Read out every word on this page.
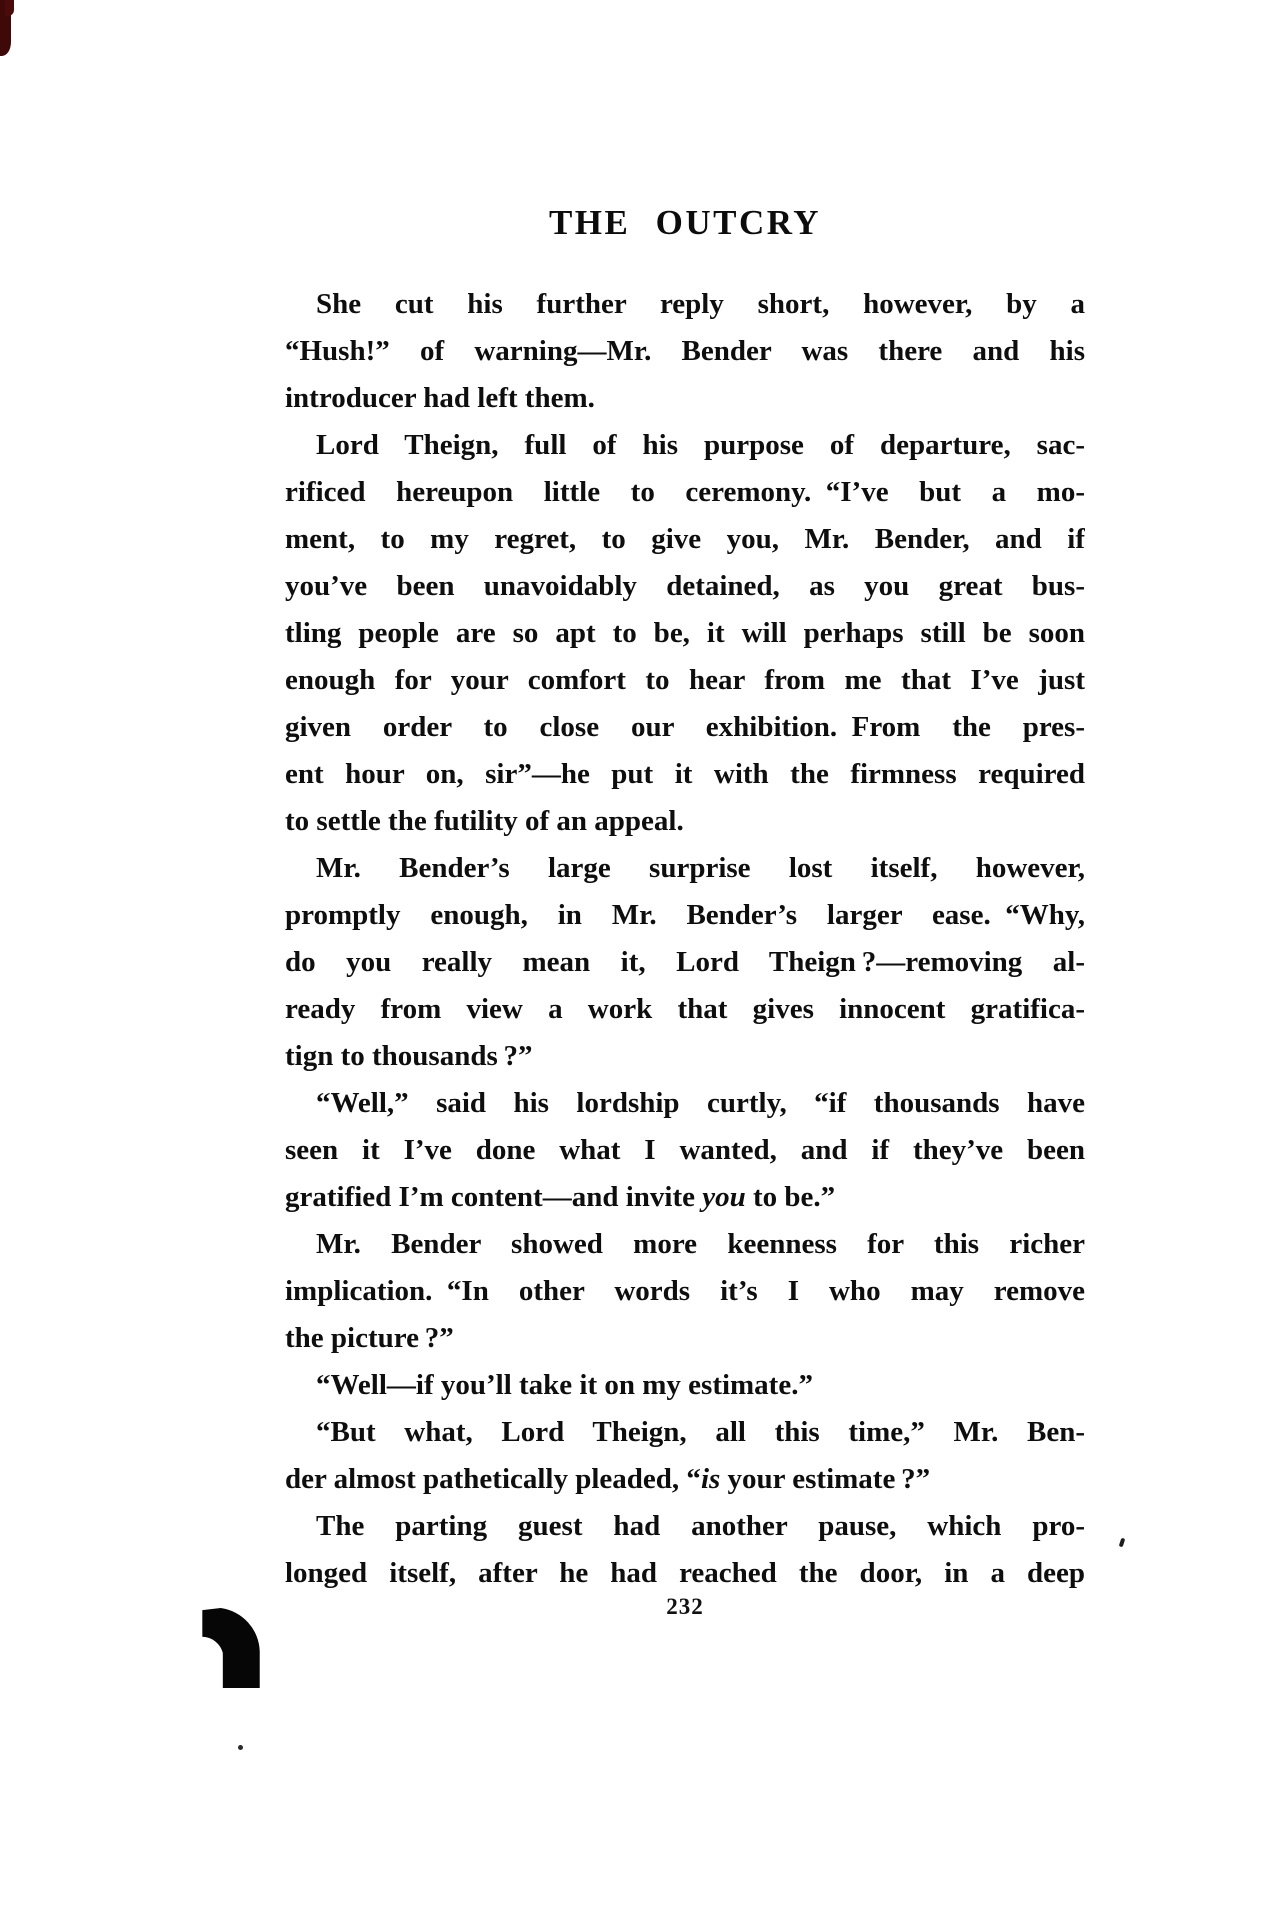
THE OUTCRY
She cut his further reply short, however, by a
“Hush!” of warning—Mr. Bender was there and his
introducer had left them.
Lord Theign, full of his purpose of departure, sac-
rificed hereupon little to ceremony. “I’ve but a mo-
ment, to my regret, to give you, Mr. Bender, and if
you’ve been unavoidably detained, as you great bus-
tling people are so apt to be, it will perhaps still be soon
enough for your comfort to hear from me that I’ve just
given order to close our exhibition. From the pres-
ent hour on, sir”—he put it with the firmness required
to settle the futility of an appeal.
Mr. Bender’s large surprise lost itself, however,
promptly enough, in Mr. Bender’s larger ease. “Why,
do you really mean it, Lord Theign ?—removing al-
ready from view a work that gives innocent gratifica-
tign to thousands ?”
“Well,” said his lordship curtly, “if thousands have
seen it I’ve done what I wanted, and if they’ve been
gratified I’m content—and invite you to be.”
Mr. Bender showed more keenness for this richer
implication. “In other words it’s I who may remove
the picture ?”
“Well—if you’ll take it on my estimate.”
“But what, Lord Theign, all this time,” Mr. Ben-
der almost pathetically pleaded, “is your estimate ?”
The parting guest had another pause, which pro-
longed itself, after he had reached the door, in a deep
232
